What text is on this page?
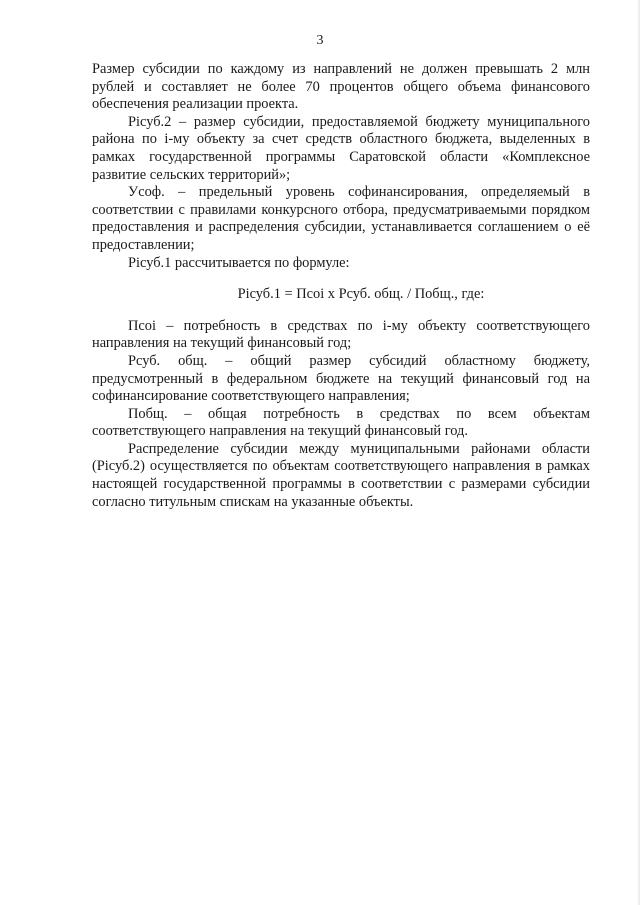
3

Размер субсидии по каждому из направлений не должен превышать 2 млн рублей и составляет не более 70 процентов общего объема финансового обеспечения реализации проекта.

Рiсуб.2 – размер субсидии, предоставляемой бюджету муниципального района по i-му объекту за счет средств областного бюджета, выделенных в рамках государственной программы Саратовской области «Комплексное развитие сельских территорий»;

Уcоф. – предельный уровень софинансирования, определяемый в соответствии с правилами конкурсного отбора, предусматриваемыми порядком предоставления и распределения субсидии, устанавливается соглашением о её предоставлении;

Рiсуб.1 рассчитывается по формуле:

Рiсуб.1 = Псоi х Рсуб. общ. / Побщ., где:

Псоi – потребность в средствах по i-му объекту соответствующего направления на текущий финансовый год;

Рсуб. общ. – общий размер субсидий областному бюджету, предусмотренный в федеральном бюджете на текущий финансовый год на софинансирование соответствующего направления;

Побщ. – общая потребность в средствах по всем объектам соответствующего направления на текущий финансовый год.

Распределение субсидии между муниципальными районами области (Рiсуб.2) осуществляется по объектам соответствующего направления в рамках настоящей государственной программы в соответствии с размерами субсидии согласно титульным спискам на указанные объекты.
